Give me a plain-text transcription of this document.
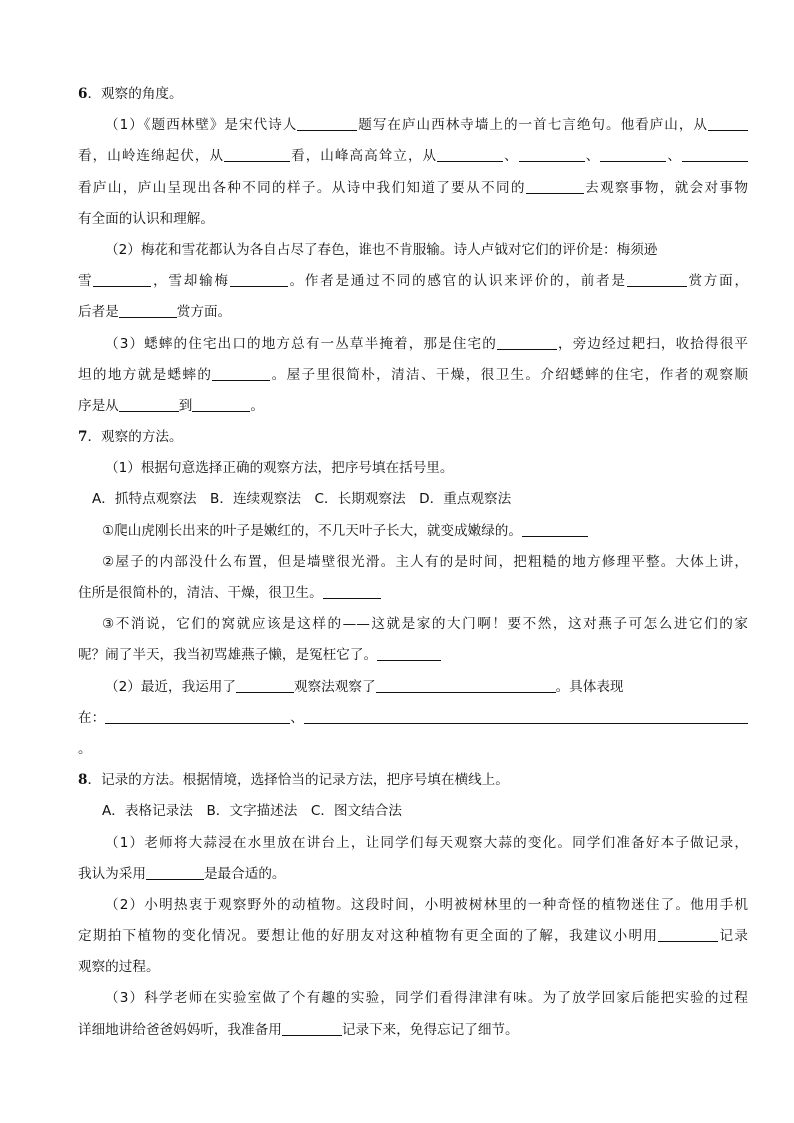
6．观察的角度。
（1）《题西林壁》是宋代诗人	题写在庐山西林寺墙上的一首七言绝句。他看庐山，从
看，山岭连绵起伏，从	看，山峰高高耸立，从	、	、	、
看庐山，庐山呈现出各种不同的样子。从诗中我们知道了要从不同的	去观察事物，就会对事物
有全面的认识和理解。
（2）梅花和雪花都认为各自占尽了春色，谁也不肯服输。诗人卢钺对它们的评价是：梅须逊
雪	，雪却输梅	。作者是通过不同的感官的认识来评价的，前者是	赏方面，
后者是	赏方面。
（3）蟋蟀的住宅出口的地方总有一丛草半掩着，那是住宅的	，旁边经过耙扫，收拾得很平
坦的地方就是蟋蟀的	。屋子里很简朴，清洁、干燥，很卫生。介绍蟋蟀的住宅，作者的观察顺
序是从	到	。
7．观察的方法。
（1）根据句意选择正确的观察方法，把序号填在括号里。
A．抓特点观察法　B．连续观察法　C．长期观察法　D．重点观察法
①爬山虎刚长出来的叶子是嫩红的，不几天叶子长大，就变成嫩绿的。
②屋子的内部没什么布置，但是墙壁很光滑。主人有的是时间，把粗糙的地方修理平整。大体上讲，
住所是很简朴的，清洁、干燥，很卫生。
③不消说，它们的窝就应该是这样的——这就是家的大门啊！要不然，这对燕子可怎么进它们的家
呢？闹了半天，我当初骂雄燕子懒，是冤枉它了。
（2）最近，我运用了	观察法观察了	。具体表现
在：	、
。
8．记录的方法。根据情境，选择恰当的记录方法，把序号填在横线上。
A．表格记录法　B．文字描述法　C．图文结合法
（1）老师将大蒜浸在水里放在讲台上，让同学们每天观察大蒜的变化。同学们准备好本子做记录，
我认为采用	是最合适的。
（2）小明热衷于观察野外的动植物。这段时间，小明被树林里的一种奇怪的植物迷住了。他用手机
定期拍下植物的变化情况。要想让他的好朋友对这种植物有更全面的了解，我建议小明用	记录
观察的过程。
（3）科学老师在实验室做了个有趣的实验，同学们看得津津有味。为了放学回家后能把实验的过程
详细地讲给爸爸妈妈听，我准备用	记录下来，免得忘记了细节。
